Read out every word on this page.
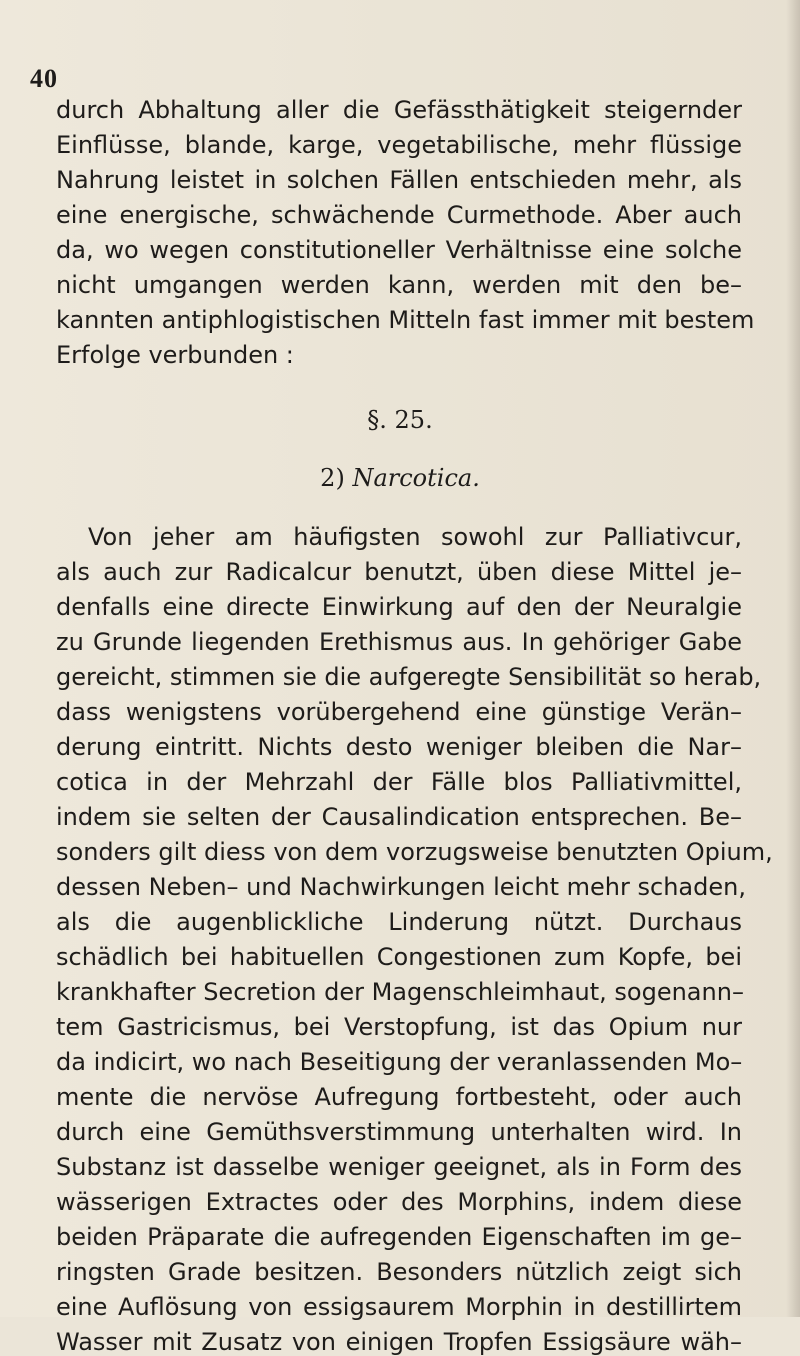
40
durch Abhaltung aller die Gefässthätigkeit steigernder
Einflüsse, blande, karge, vegetabilische, mehr flüssige
Nahrung leistet in solchen Fällen entschieden mehr, als
eine energische, schwächende Curmethode. Aber auch
da, wo wegen constitutioneller Verhältnisse eine solche
nicht umgangen werden kann, werden mit den be–
kannten antiphlogistischen Mitteln fast immer mit bestem
Erfolge verbunden :
§. 25.
2) Narcotica.
Von jeher am häufigsten sowohl zur Palliativcur,
als auch zur Radicalcur benutzt, üben diese Mittel je–
denfalls eine directe Einwirkung auf den der Neuralgie
zu Grunde liegenden Erethismus aus. In gehöriger Gabe
gereicht, stimmen sie die aufgeregte Sensibilität so herab,
dass wenigstens vorübergehend eine günstige Verän–
derung eintritt. Nichts desto weniger bleiben die Nar–
cotica in der Mehrzahl der Fälle blos Palliativmittel,
indem sie selten der Causalindication entsprechen. Be–
sonders gilt diess von dem vorzugsweise benutzten Opium,
dessen Neben– und Nachwirkungen leicht mehr schaden,
als die augenblickliche Linderung nützt. Durchaus
schädlich bei habituellen Congestionen zum Kopfe, bei
krankhafter Secretion der Magenschleimhaut, sogenann–
tem Gastricismus, bei Verstopfung, ist das Opium nur
da indicirt, wo nach Beseitigung der veranlassenden Mo–
mente die nervöse Aufregung fortbesteht, oder auch
durch eine Gemüthsverstimmung unterhalten wird. In
Substanz ist dasselbe weniger geeignet, als in Form des
wässerigen Extractes oder des Morphins, indem diese
beiden Präparate die aufregenden Eigenschaften im ge–
ringsten Grade besitzen. Besonders nützlich zeigt sich
eine Auflösung von essigsaurem Morphin in destillirtem
Wasser mit Zusatz von einigen Tropfen Essigsäure wäh–
